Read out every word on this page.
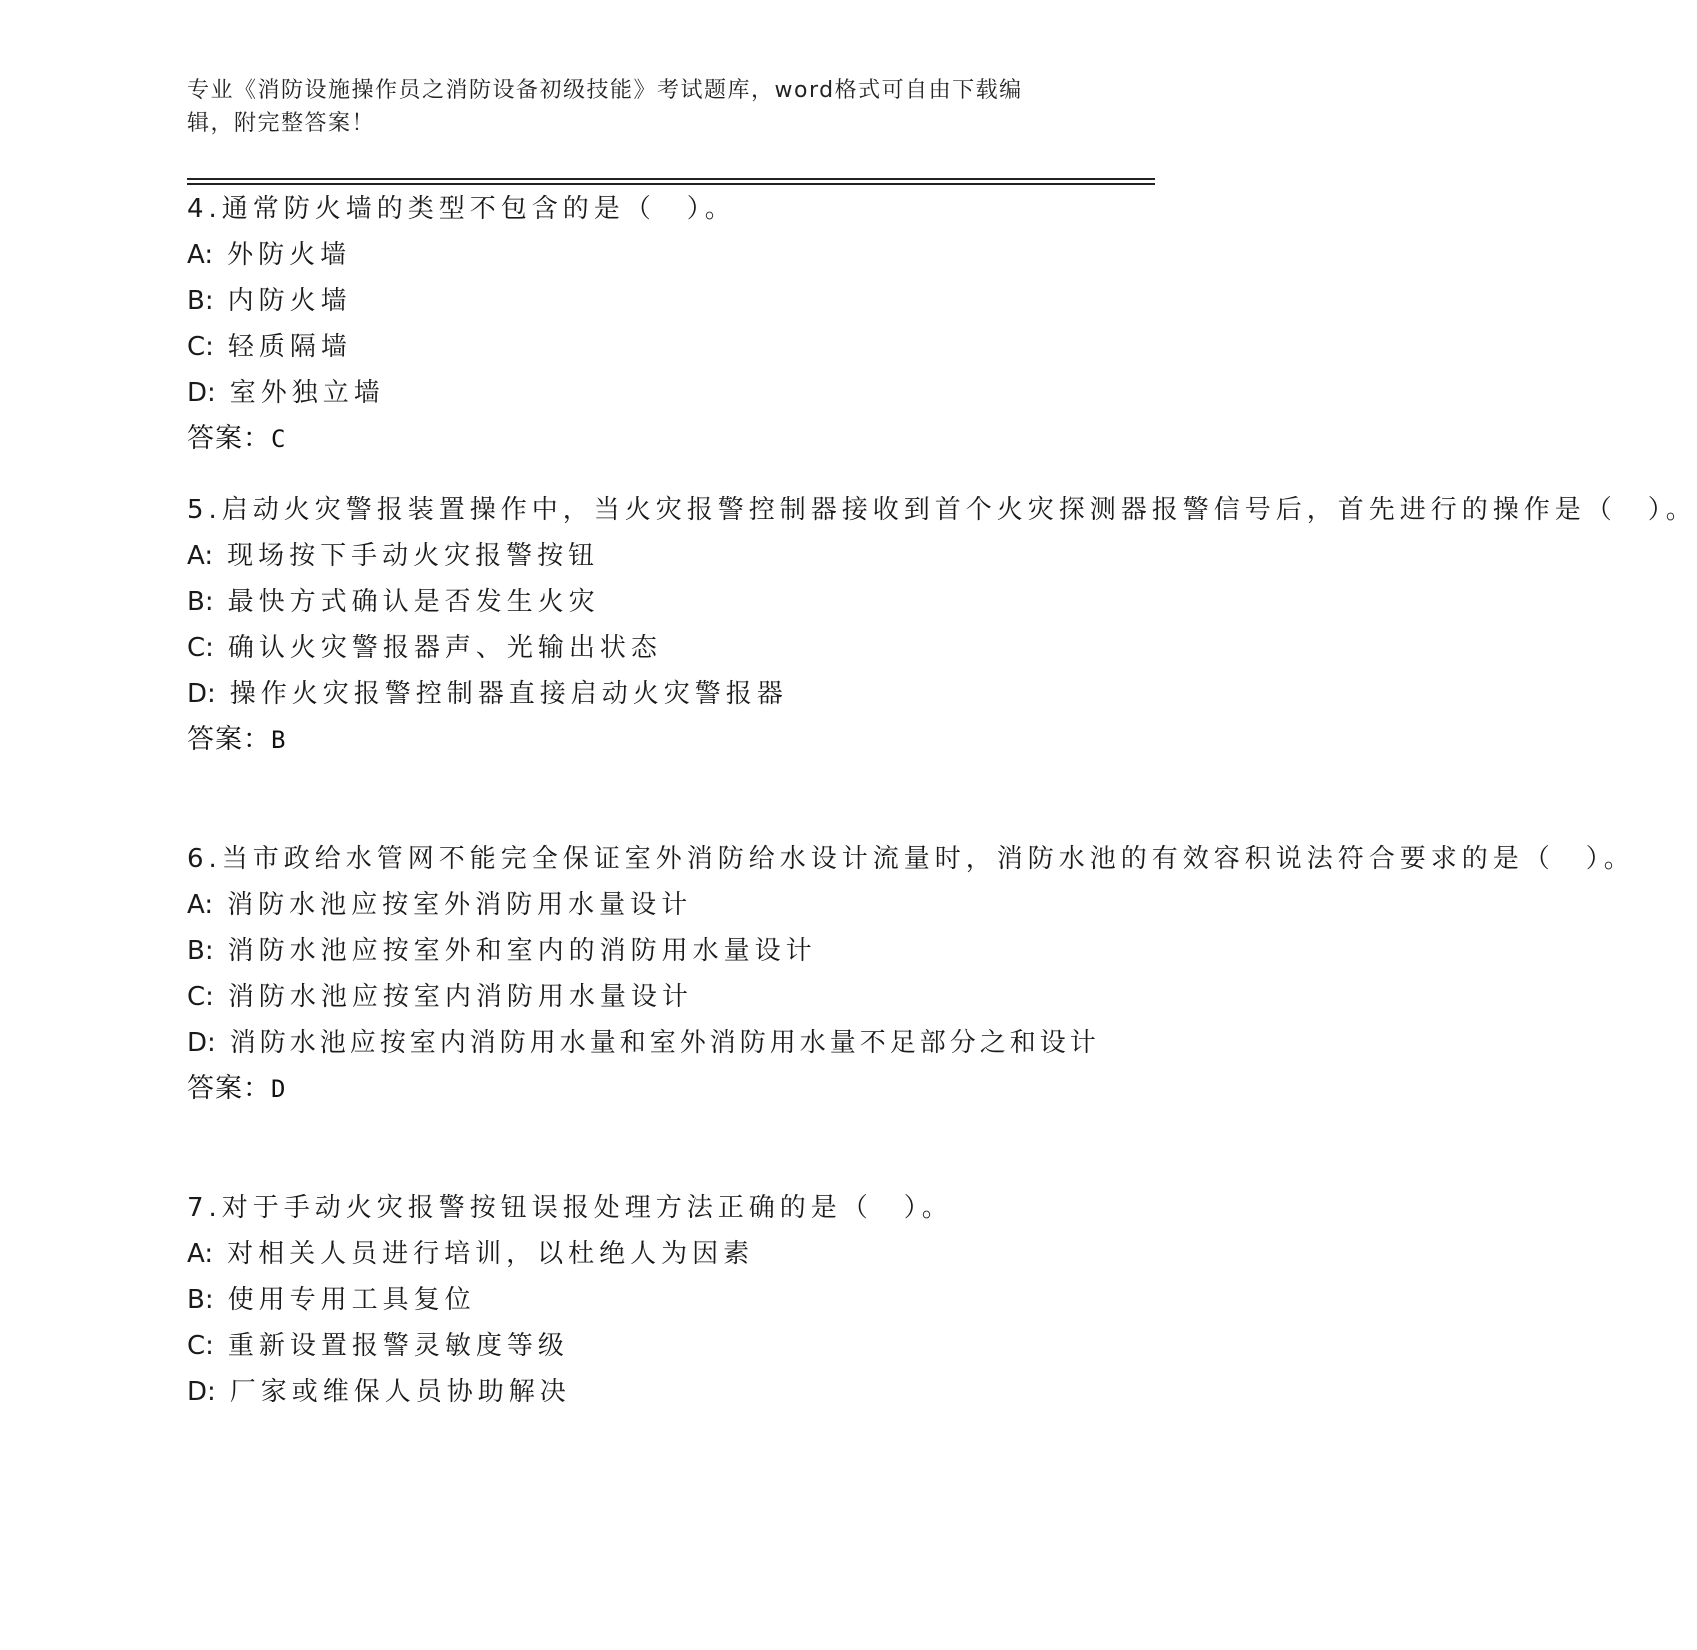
专业《消防设施操作员之消防设备初级技能》考试题库，word格式可自由下载编辑，附完整答案！
4.通常防火墙的类型不包含的是（　）。
A: 外防火墙
B: 内防火墙
C: 轻质隔墙
D: 室外独立墙
答案：C
5.启动火灾警报装置操作中，当火灾报警控制器接收到首个火灾探测器报警信号后，首先进行的操作是（　）。
A: 现场按下手动火灾报警按钮
B: 最快方式确认是否发生火灾
C: 确认火灾警报器声、光输出状态
D: 操作火灾报警控制器直接启动火灾警报器
答案：B
6.当市政给水管网不能完全保证室外消防给水设计流量时，消防水池的有效容积说法符合要求的是（　）。
A: 消防水池应按室外消防用水量设计
B: 消防水池应按室外和室内的消防用水量设计
C: 消防水池应按室内消防用水量设计
D: 消防水池应按室内消防用水量和室外消防用水量不足部分之和设计
答案：D
7.对于手动火灾报警按钮误报处理方法正确的是（　）。
A: 对相关人员进行培训，以杜绝人为因素
B: 使用专用工具复位
C: 重新设置报警灵敏度等级
D: 厂家或维保人员协助解决
